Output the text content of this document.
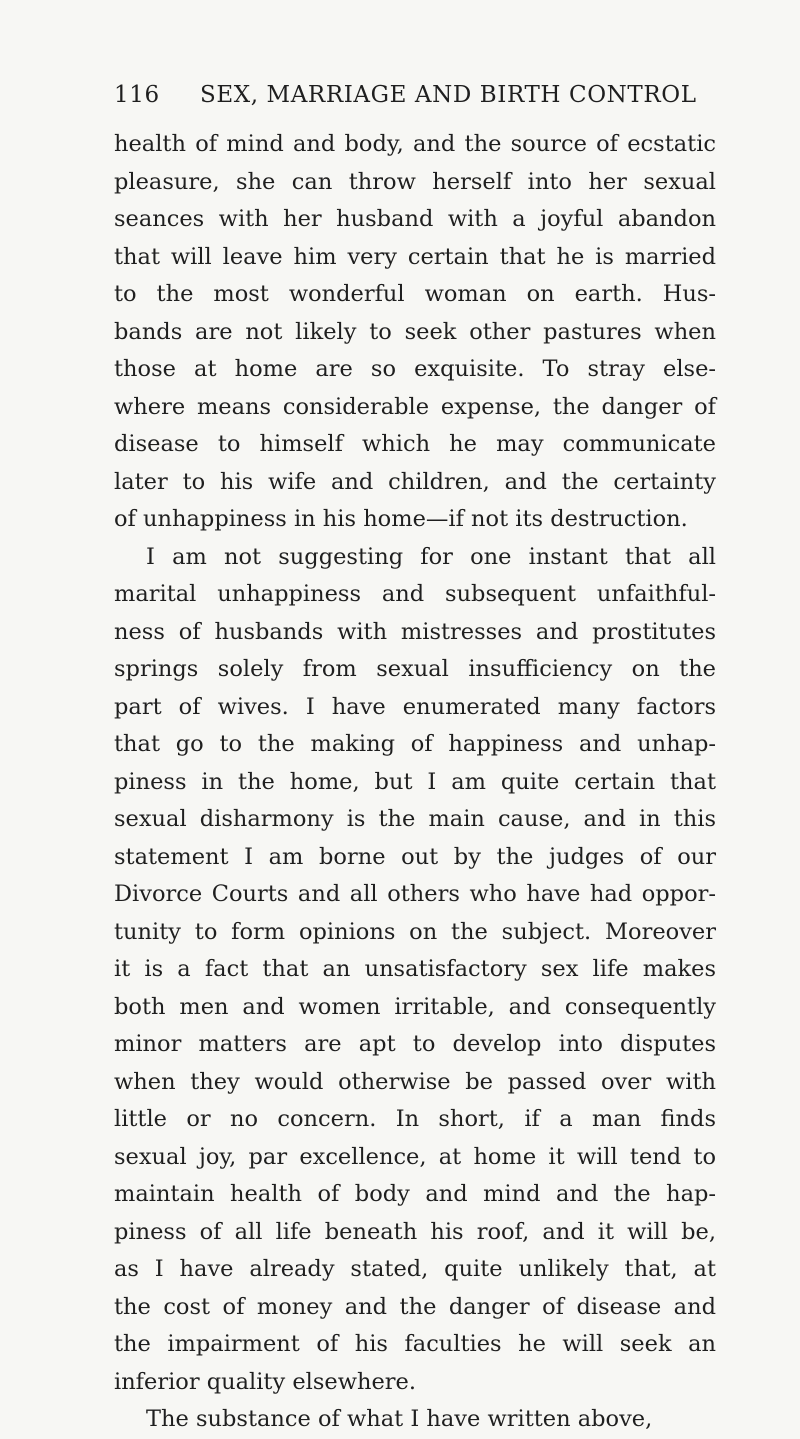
116 SEX, MARRIAGE AND BIRTH CONTROL
health of mind and body, and the source of ecstatic
pleasure, she can throw herself into her sexual
seances with her husband with a joyful abandon
that will leave him very certain that he is married
to the most wonderful woman on earth. Hus-
bands are not likely to seek other pastures when
those at home are so exquisite. To stray else-
where means considerable expense, the danger of
disease to himself which he may communicate
later to his wife and children, and the certainty
of unhappiness in his home—if not its destruction.
I am not suggesting for one instant that all
marital unhappiness and subsequent unfaithful-
ness of husbands with mistresses and prostitutes
springs solely from sexual insufficiency on the
part of wives. I have enumerated many factors
that go to the making of happiness and unhap-
piness in the home, but I am quite certain that
sexual disharmony is the main cause, and in this
statement I am borne out by the judges of our
Divorce Courts and all others who have had oppor-
tunity to form opinions on the subject. Moreover
it is a fact that an unsatisfactory sex life makes
both men and women irritable, and consequently
minor matters are apt to develop into disputes
when they would otherwise be passed over with
little or no concern. In short, if a man finds
sexual joy, par excellence, at home it will tend to
maintain health of body and mind and the hap-
piness of all life beneath his roof, and it will be,
as I have already stated, quite unlikely that, at
the cost of money and the danger of disease and
the impairment of his faculties he will seek an
inferior quality elsewhere.
The substance of what I have written above,
